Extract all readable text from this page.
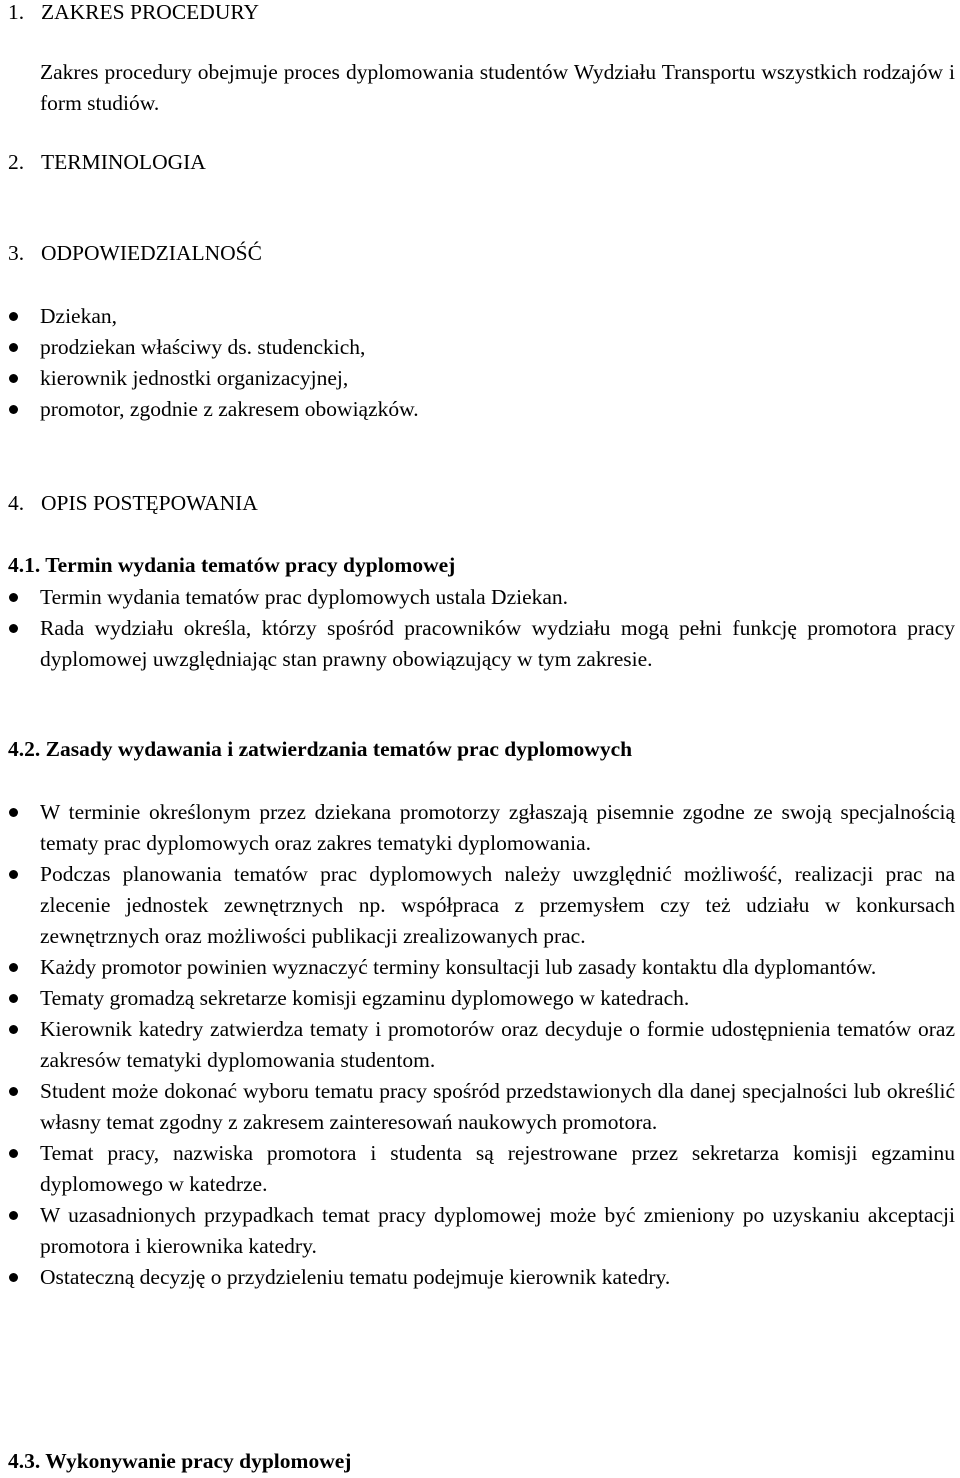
1. ZAKRES PROCEDURY
Zakres procedury obejmuje proces dyplomowania studentów Wydziału Transportu wszystkich rodzajów i form studiów.
2. TERMINOLOGIA
3. ODPOWIEDZIALNOŚĆ
Dziekan,
prodziekan właściwy ds. studenckich,
kierownik jednostki organizacyjnej,
promotor, zgodnie z zakresem obowiązków.
4. OPIS POSTĘPOWANIA
4.1. Termin wydania tematów pracy dyplomowej
Termin wydania tematów prac dyplomowych ustala Dziekan.
Rada wydziału określa, którzy spośród pracowników wydziału mogą pełni funkcję promotora pracy dyplomowej uwzględniając stan prawny obowiązujący w tym zakresie.
4.2. Zasady wydawania i zatwierdzania tematów prac dyplomowych
W terminie określonym przez dziekana promotorzy zgłaszają pisemnie zgodne ze swoją specjalnością tematy prac dyplomowych oraz zakres tematyki dyplomowania.
Podczas planowania tematów prac dyplomowych należy uwzględnić możliwość, realizacji prac na zlecenie jednostek zewnętrznych np. współpraca z przemysłem czy też udziału w konkursach zewnętrznych oraz możliwości publikacji zrealizowanych prac.
Każdy promotor powinien wyznaczyć terminy konsultacji lub zasady kontaktu dla dyplomantów.
Tematy gromadzą sekretarze komisji egzaminu dyplomowego w katedrach.
Kierownik katedry zatwierdza tematy i promotorów oraz decyduje o formie udostępnienia tematów oraz zakresów tematyki dyplomowania studentom.
Student może dokonać wyboru tematu pracy spośród przedstawionych dla danej specjalności lub określić własny temat zgodny z zakresem zainteresowań naukowych promotora.
Temat pracy, nazwiska promotora i studenta są rejestrowane przez sekretarza komisji egzaminu dyplomowego w katedrze.
W uzasadnionych przypadkach temat pracy dyplomowej może być zmieniony po uzyskaniu akceptacji promotora i kierownika katedry.
Ostateczną decyzję o przydzieleniu tematu podejmuje kierownik katedry.
4.3. Wykonywanie pracy dyplomowej
